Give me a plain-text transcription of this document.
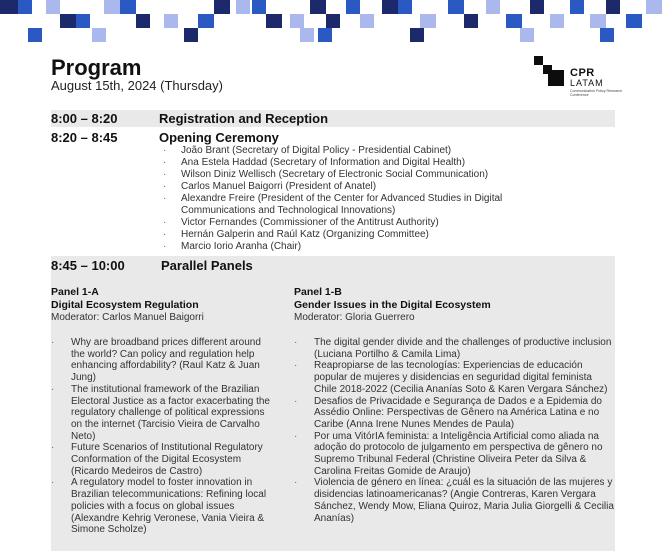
Program
August 15th, 2024 (Thursday)
CPR
LATAM
Communication Policy Research Conference
8:00 – 8:20	Registration and Reception
8:20 – 8:45	Opening Ceremony
· João Brant (Secretary of Digital Policy - Presidential Cabinet)
· Ana Estela Haddad (Secretary of Information and Digital Health)
· Wilson Diniz Wellisch (Secretary of Electronic Social Communication)
· Carlos Manuel Baigorri (President of Anatel)
· Alexandre Freire (President of the Center for Advanced Studies in Digital Communications and Technological Innovations)
· Victor Fernandes (Commissioner of the Antitrust Authority)
· Hernán Galperin and Raúl Katz (Organizing Committee)
· Marcio Iorio Aranha (Chair)
8:45 – 10:00	Parallel Panels
Panel 1-A
Digital Ecosystem Regulation
Moderator: Carlos Manuel Baigorri
· Why are broadband prices different around the world? Can policy and regulation help enhancing affordability? (Raul Katz & Juan Jung)
· The institutional framework of the Brazilian Electoral Justice as a factor exacerbating the regulatory challenge of political expressions on the internet (Tarcisio Vieira de Carvalho Neto)
· Future Scenarios of Institutional Regulatory Conformation of the Digital Ecosystem (Ricardo Medeiros de Castro)
· A regulatory model to foster innovation in Brazilian telecommunications: Refining local policies with a focus on global issues (Alexandre Kehrig Veronese, Vania Vieira & Simone Scholze)
Panel 1-B
Gender Issues in the Digital Ecosystem
Moderator: Gloria Guerrero
· The digital gender divide and the challenges of productive inclusion (Luciana Portilho & Camila Lima)
· Reapropiarse de las tecnologías: Experiencias de educación popular de mujeres y disidencias en seguridad digital feminista Chile 2018-2022 (Cecilia Ananías Soto & Karen Vergara Sánchez)
· Desafios de Privacidade e Segurança de Dados e a Epidemia do Assédio Online: Perspectivas de Gênero na América Latina e no Caribe (Anna Irene Nunes Mendes de Paula)
· Por uma VitórIA feminista: a Inteligência Artificial como aliada na adoção do protocolo de julgamento em perspectiva de gênero no Supremo Tribunal Federal (Christine Oliveira Peter da Silva & Carolina Freitas Gomide de Araujo)
· Violencia de género en línea: ¿cuál es la situación de las mujeres y disidencias latinoamericanas? (Angie Contreras, Karen Vergara Sánchez, Wendy Mow, Eliana Quiroz, Maria Julia Giorgelli & Cecilia Ananías)
